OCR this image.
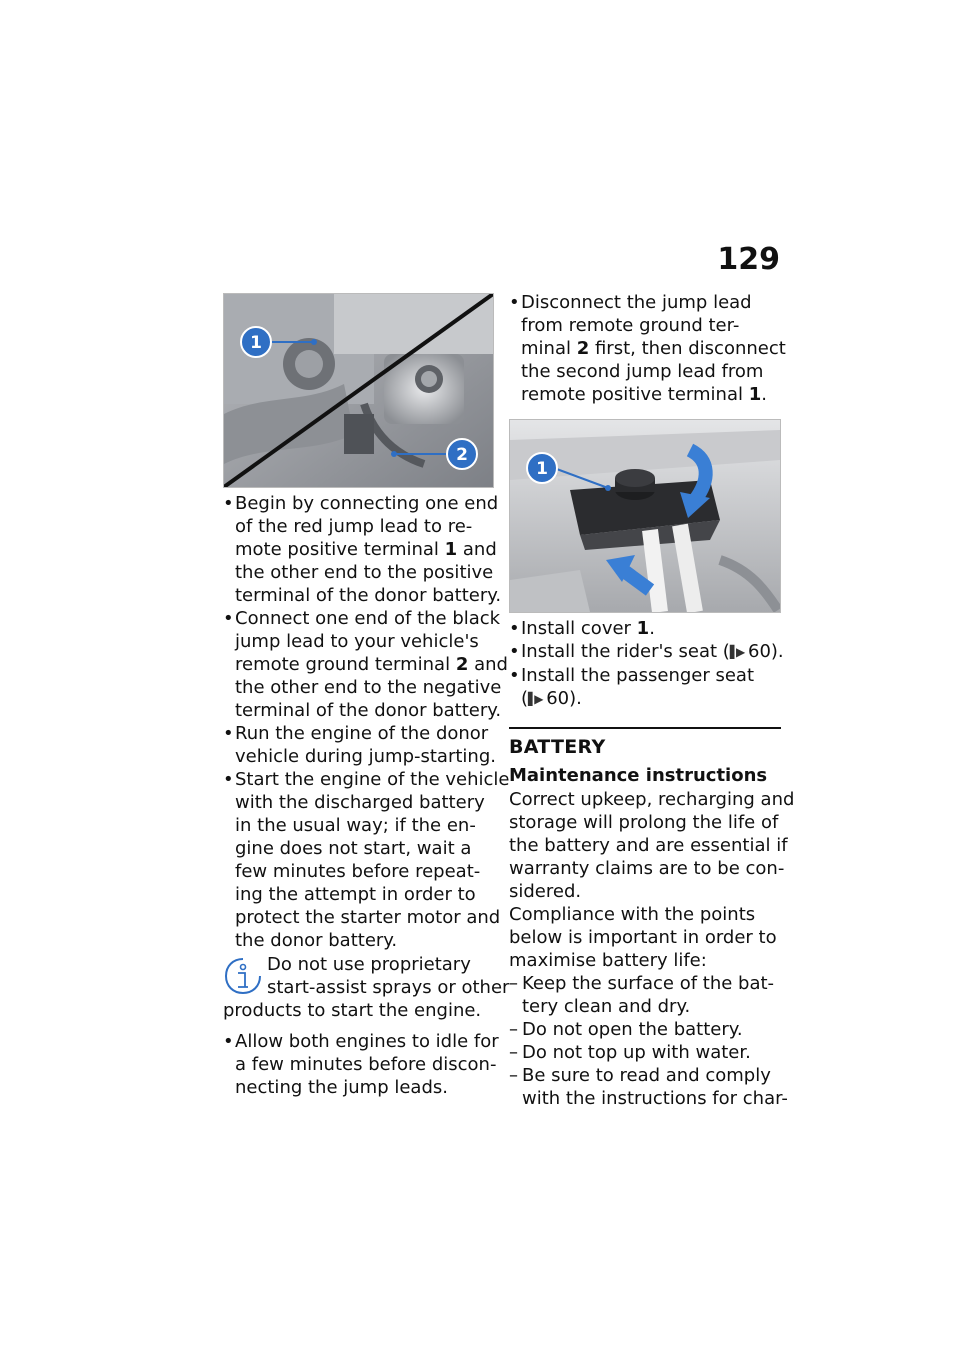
129
1
2
1
• Begin by connecting one end
of the red jump lead to re-
mote positive terminal 1 and
the other end to the positive
terminal of the donor battery.
• Connect one end of the black
jump lead to your vehicle's
remote ground terminal 2 and
the other end to the negative
terminal of the donor battery.
• Run the engine of the donor
vehicle during jump-starting.
• Start the engine of the vehicle
with the discharged battery
in the usual way; if the en-
gine does not start, wait a
few minutes before repeat-
ing the attempt in order to
protect the starter motor and
the donor battery.
Do not use proprietary
start-assist sprays or other
products to start the engine.
• Allow both engines to idle for
a few minutes before discon-
necting the jump leads.
• Disconnect the jump lead
from remote ground ter-
minal 2 first, then disconnect
the second jump lead from
remote positive terminal 1.
• Install cover 1.
• Install the rider's seat (▌▶ 60).
• Install the passenger seat
(▌▶ 60).
BATTERY
Maintenance instructions
Correct upkeep, recharging and
storage will prolong the life of
the battery and are essential if
warranty claims are to be con-
sidered.
Compliance with the points
below is important in order to
maximise battery life:
– Keep the surface of the bat-
tery clean and dry.
– Do not open the battery.
– Do not top up with water.
– Be sure to read and comply
with the instructions for char-
